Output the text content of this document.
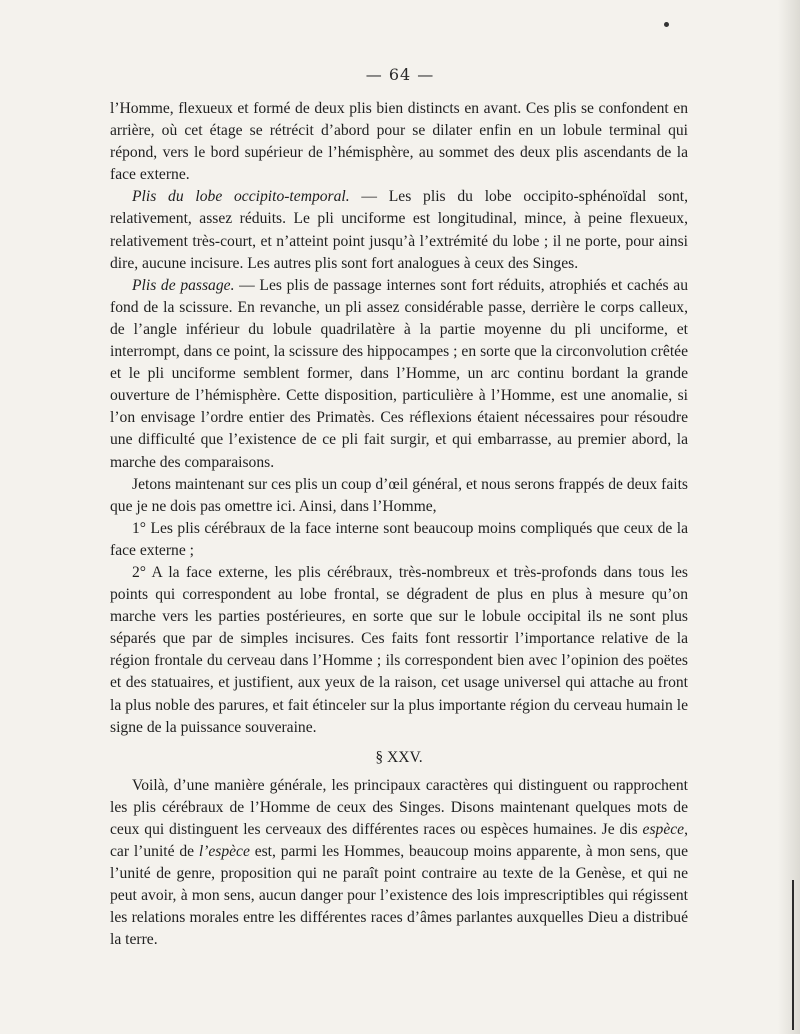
— 64 —

l’Homme, flexueux et formé de deux plis bien distincts en avant. Ces plis se confondent en arrière, où cet étage se rétrécit d’abord pour se dilater enfin en un lobule terminal qui répond, vers le bord supérieur de l’hémisphère, au sommet des deux plis ascendants de la face externe.

Plis du lobe occipito-temporal. — Les plis du lobe occipito-sphénoïdal sont, relativement, assez réduits. Le pli unciforme est longitudinal, mince, à peine flexueux, relativement très-court, et n’atteint point jusqu’à l’extrémité du lobe ; il ne porte, pour ainsi dire, aucune incisure. Les autres plis sont fort analogues à ceux des Singes.

Plis de passage. — Les plis de passage internes sont fort réduits, atrophiés et cachés au fond de la scissure. En revanche, un pli assez considérable passe, derrière le corps calleux, de l’angle inférieur du lobule quadrilatère à la partie moyenne du pli unciforme, et interrompt, dans ce point, la scissure des hippocampes ; en sorte que la circonvolution crêtée et le pli unciforme semblent former, dans l’Homme, un arc continu bordant la grande ouverture de l’hémisphère. Cette disposition, particulière à l’Homme, est une anomalie, si l’on envisage l’ordre entier des Primatès. Ces réflexions étaient nécessaires pour résoudre une difficulté que l’existence de ce pli fait surgir, et qui embarrasse, au premier abord, la marche des comparaisons.

Jetons maintenant sur ces plis un coup d’œil général, et nous serons frappés de deux faits que je ne dois pas omettre ici. Ainsi, dans l’Homme,

1° Les plis cérébraux de la face interne sont beaucoup moins compliqués que ceux de la face externe ;

2° A la face externe, les plis cérébraux, très-nombreux et très-profonds dans tous les points qui correspondent au lobe frontal, se dégradent de plus en plus à mesure qu’on marche vers les parties postérieures, en sorte que sur le lobule occipital ils ne sont plus séparés que par de simples incisures. Ces faits font ressortir l’importance relative de la région frontale du cerveau dans l’Homme ; ils correspondent bien avec l’opinion des poëtes et des statuaires, et justifient, aux yeux de la raison, cet usage universel qui attache au front la plus noble des parures, et fait étinceler sur la plus importante région du cerveau humain le signe de la puissance souveraine.

§ XXV.

Voilà, d’une manière générale, les principaux caractères qui distinguent ou rapprochent les plis cérébraux de l’Homme de ceux des Singes. Disons maintenant quelques mots de ceux qui distinguent les cerveaux des différentes races ou espèces humaines. Je dis espèce, car l’unité de l’espèce est, parmi les Hommes, beaucoup moins apparente, à mon sens, que l’unité de genre, proposition qui ne paraît point contraire au texte de la Genèse, et qui ne peut avoir, à mon sens, aucun danger pour l’existence des lois imprescriptibles qui régissent les relations morales entre les différentes races d’âmes parlantes auxquelles Dieu a distribué la terre.
